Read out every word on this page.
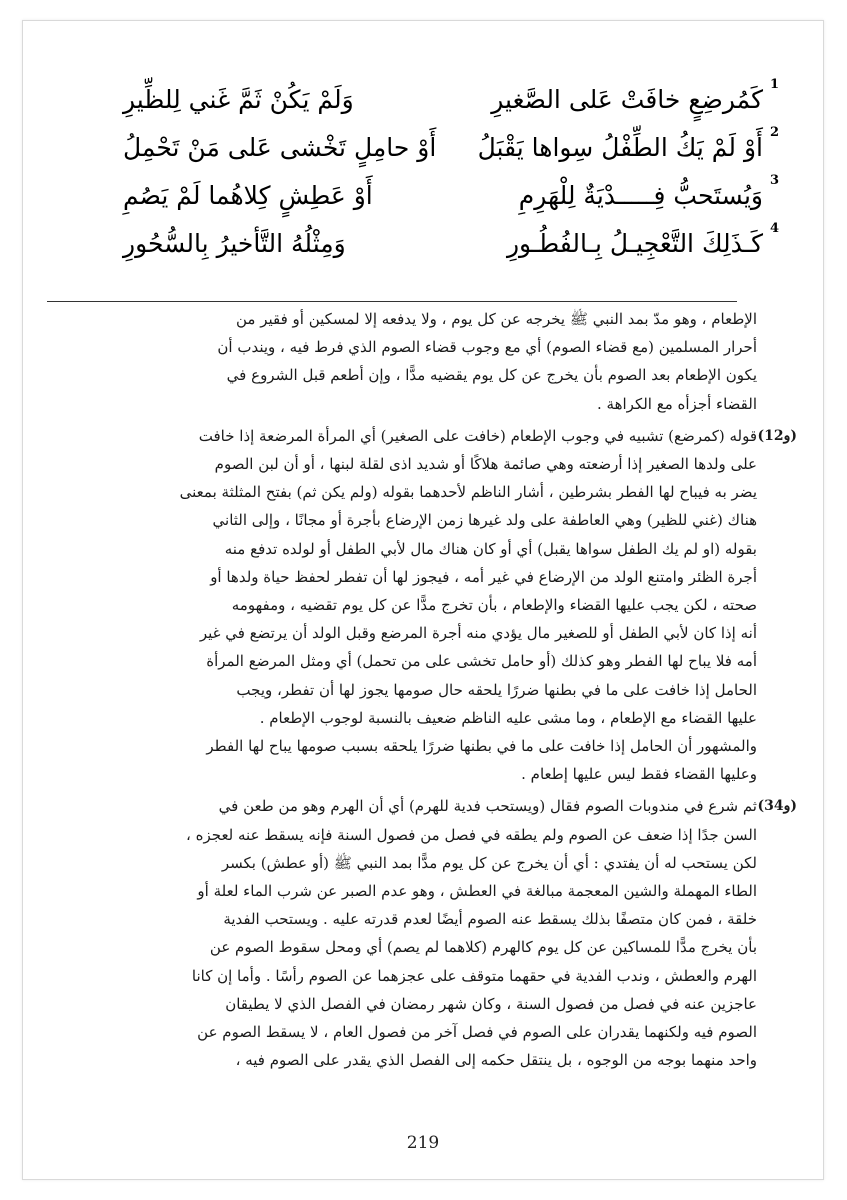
1
كَمُرضِعٍ خافَتْ عَلى الصَّغيرِ
وَلَمْ يَكُنْ ثَمَّ غَني لِلظِّيرِ
2
أَوْ لَمْ يَكُ الطِّفْلُ سِواها يَقْبَلُ
أَوْ حامِلٍ تَخْشى عَلى مَنْ تَحْمِلُ
3
وَيُستَحبُّ فِـــــدْيَةٌ لِلْهَرِمِ
أَوْ عَطِشٍ كِلاهُما لَمْ يَصُمِ
4
كَـذَلِكَ التَّعْجِيـلُ بِـالفُطُـورِ
وَمِثْلُهُ التَّأخيرُ بِالسُّحُورِ

الإطعام ، وهو مدّ بمد النبي ﷺ يخرجه عن كل يوم ، ولا يدفعه إلا لمسكين أو فقير من

أحرار المسلمين (مع قضاء الصوم) أي مع وجوب قضاء الصوم الذي فرط فيه ، ويندب أن

يكون الإطعام بعد الصوم بأن يخرج عن كل يوم يقضيه مدًّا ، وإن أطعم قبل الشروع في

القضاء أجزأه مع الكراهة .

(1و2)

قوله (كمرضع) تشبيه في وجوب الإطعام (خافت على الصغير) أي المرأة المرضعة إذا خافت

على ولدها الصغير إذا أرضعته وهي صائمة هلاكًا أو شديد اذى لقلة لبنها ، أو أن لبن الصوم

يضر به فيباح لها الفطر بشرطين ، أشار الناظم لأحدهما بقوله (ولم يكن ثم) بفتح المثلثة بمعنى

هناك (غني للظير) وهي العاطفة على ولد غيرها زمن الإرضاع بأجرة أو مجانًا ، وإلى الثاني

بقوله (او لم يك الطفل سواها يقبل) أي أو كان هناك مال لأبي الطفل أو لولده تدفع منه

أجرة الظئر وامتنع الولد من الإرضاع في غير أمه ، فيجوز لها أن تفطر لحفظ حياة ولدها أو

صحته ، لكن يجب عليها القضاء والإطعام ، بأن تخرج مدًّا عن كل يوم تقضيه ، ومفهومه

أنه إذا كان لأبي الطفل أو للصغير مال يؤدي منه أجرة المرضع وقبل الولد أن يرتضع في غير

أمه فلا يباح لها الفطر وهو كذلك (أو حامل تخشى على من تحمل) أي ومثل المرضع المرأة

الحامل إذا خافت على ما في بطنها ضررًا يلحقه حال صومها يجوز لها أن تفطر، ويجب

عليها القضاء مع الإطعام ، وما مشى عليه الناظم ضعيف بالنسبة لوجوب الإطعام .

والمشهور أن الحامل إذا خافت على ما في بطنها ضررًا يلحقه بسبب صومها يباح لها الفطر

وعليها القضاء فقط ليس عليها إطعام .

(3و4)

ثم شرع في مندوبات الصوم فقال (ويستحب فدية للهرم) أي أن الهرم وهو من طعن في

السن جدًا إذا ضعف عن الصوم ولم يطقه في فصل من فصول السنة فإنه يسقط عنه لعجزه ،

لكن يستحب له أن يفتدي : أي أن يخرج عن كل يوم مدًّا بمد النبي ﷺ (أو عطش) بكسر

الطاء المهملة والشين المعجمة مبالغة في العطش ، وهو عدم الصبر عن شرب الماء لعلة أو

خلقة ، فمن كان متصفًا بذلك يسقط عنه الصوم أيضًا لعدم قدرته عليه . ويستحب الفدية

بأن يخرج مدًّا للمساكين عن كل يوم كالهرم (كلاهما لم يصم) أي ومحل سقوط الصوم عن

الهرم والعطش ، وندب الفدية في حقهما متوقف على عجزهما عن الصوم رأسًا . وأما إن كانا

عاجزين عنه في فصل من فصول السنة ، وكان شهر رمضان في الفصل الذي لا يطيقان

الصوم فيه ولكنهما يقدران على الصوم في فصل آخر من فصول العام ، لا يسقط الصوم عن

واحد منهما بوجه من الوجوه ، بل ينتقل حكمه إلى الفصل الذي يقدر على الصوم فيه ،

219
